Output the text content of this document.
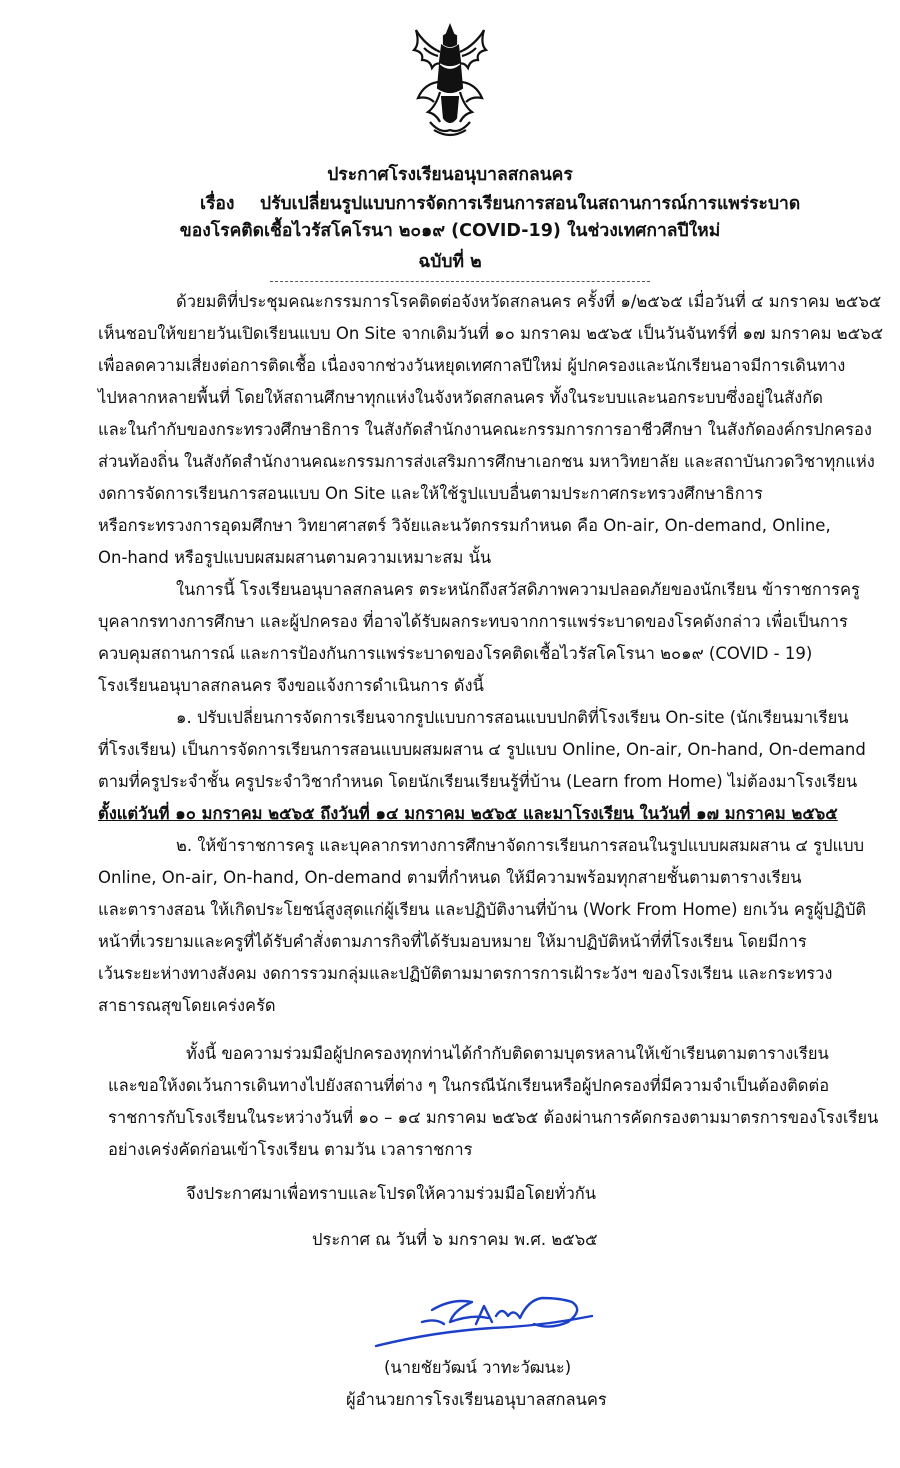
ประกาศโรงเรียนอนุบาลสกลนคร
เรื่อง ปรับเปลี่ยนรูปแบบการจัดการเรียนการสอนในสถานการณ์การแพร่ระบาด
ของโรคติดเชื้อไวรัสโคโรนา ๒๐๑๙ (COVID-19) ในช่วงเทศกาลปีใหม่
ฉบับที่ ๒
ด้วยมติที่ประชุมคณะกรรมการโรคติดต่อจังหวัดสกลนคร ครั้งที่ ๑/๒๕๖๕ เมื่อวันที่ ๔ มกราคม ๒๕๖๕
เห็นชอบให้ขยายวันเปิดเรียนแบบ On Site จากเดิมวันที่ ๑๐ มกราคม ๒๕๖๕ เป็นวันจันทร์ที่ ๑๗ มกราคม ๒๕๖๕
เพื่อลดความเสี่ยงต่อการติดเชื้อ เนื่องจากช่วงวันหยุดเทศกาลปีใหม่ ผู้ปกครองและนักเรียนอาจมีการเดินทาง
ไปหลากหลายพื้นที่ โดยให้สถานศึกษาทุกแห่งในจังหวัดสกลนคร ทั้งในระบบและนอกระบบซึ่งอยู่ในสังกัด
และในกำกับของกระทรวงศึกษาธิการ ในสังกัดสำนักงานคณะกรรมการการอาชีวศึกษา ในสังกัดองค์กรปกครอง
ส่วนท้องถิ่น ในสังกัดสำนักงานคณะกรรมการส่งเสริมการศึกษาเอกชน มหาวิทยาลัย และสถาบันกวดวิชาทุกแห่ง
งดการจัดการเรียนการสอนแบบ On Site และให้ใช้รูปแบบอื่นตามประกาศกระทรวงศึกษาธิการ
หรือกระทรวงการอุดมศึกษา วิทยาศาสตร์ วิจัยและนวัตกรรมกำหนด คือ On-air, On-demand, Online,
On-hand หรือรูปแบบผสมผสานตามความเหมาะสม นั้น
ในการนี้ โรงเรียนอนุบาลสกลนคร ตระหนักถึงสวัสดิภาพความปลอดภัยของนักเรียน ข้าราชการครู
บุคลากรทางการศึกษา และผู้ปกครอง ที่อาจได้รับผลกระทบจากการแพร่ระบาดของโรคดังกล่าว เพื่อเป็นการ
ควบคุมสถานการณ์ และการป้องกันการแพร่ระบาดของโรคติดเชื้อไวรัสโคโรนา ๒๐๑๙ (COVID - 19)
โรงเรียนอนุบาลสกลนคร จึงขอแจ้งการดำเนินการ ดังนี้
๑. ปรับเปลี่ยนการจัดการเรียนจากรูปแบบการสอนแบบปกติที่โรงเรียน On-site (นักเรียนมาเรียน
ที่โรงเรียน) เป็นการจัดการเรียนการสอนแบบผสมผสาน ๔ รูปแบบ Online, On-air, On-hand, On-demand
ตามที่ครูประจำชั้น ครูประจำวิชากำหนด โดยนักเรียนเรียนรู้ที่บ้าน (Learn from Home) ไม่ต้องมาโรงเรียน
ตั้งแต่วันที่ ๑๐ มกราคม ๒๕๖๕ ถึงวันที่ ๑๔ มกราคม ๒๕๖๕ และมาโรงเรียน ในวันที่ ๑๗ มกราคม ๒๕๖๕
๒. ให้ข้าราชการครู และบุคลากรทางการศึกษาจัดการเรียนการสอนในรูปแบบผสมผสาน ๔ รูปแบบ
Online, On-air, On-hand, On-demand ตามที่กำหนด ให้มีความพร้อมทุกสายชั้นตามตารางเรียน
และตารางสอน ให้เกิดประโยชน์สูงสุดแก่ผู้เรียน และปฏิบัติงานที่บ้าน (Work From Home) ยกเว้น ครูผู้ปฏิบัติ
หน้าที่เวรยามและครูที่ได้รับคำสั่งตามภารกิจที่ได้รับมอบหมาย ให้มาปฏิบัติหน้าที่ที่โรงเรียน โดยมีการ
เว้นระยะห่างทางสังคม งดการรวมกลุ่มและปฏิบัติตามมาตรการการเฝ้าระวังฯ ของโรงเรียน และกระทรวง
สาธารณสุขโดยเคร่งครัด
ทั้งนี้ ขอความร่วมมือผู้ปกครองทุกท่านได้กำกับติดตามบุตรหลานให้เข้าเรียนตามตารางเรียน
และขอให้งดเว้นการเดินทางไปยังสถานที่ต่าง ๆ ในกรณีนักเรียนหรือผู้ปกครองที่มีความจำเป็นต้องติดต่อ
ราชการกับโรงเรียนในระหว่างวันที่ ๑๐ – ๑๔ มกราคม ๒๕๖๕ ต้องผ่านการคัดกรองตามมาตรการของโรงเรียน
อย่างเคร่งคัดก่อนเข้าโรงเรียน ตามวัน เวลาราชการ
จึงประกาศมาเพื่อทราบและโปรดให้ความร่วมมือโดยทั่วกัน
ประกาศ ณ วันที่ ๖ มกราคม พ.ศ. ๒๕๖๕
(นายชัยวัฒน์ วาทะวัฒนะ)
ผู้อำนวยการโรงเรียนอนุบาลสกลนคร
